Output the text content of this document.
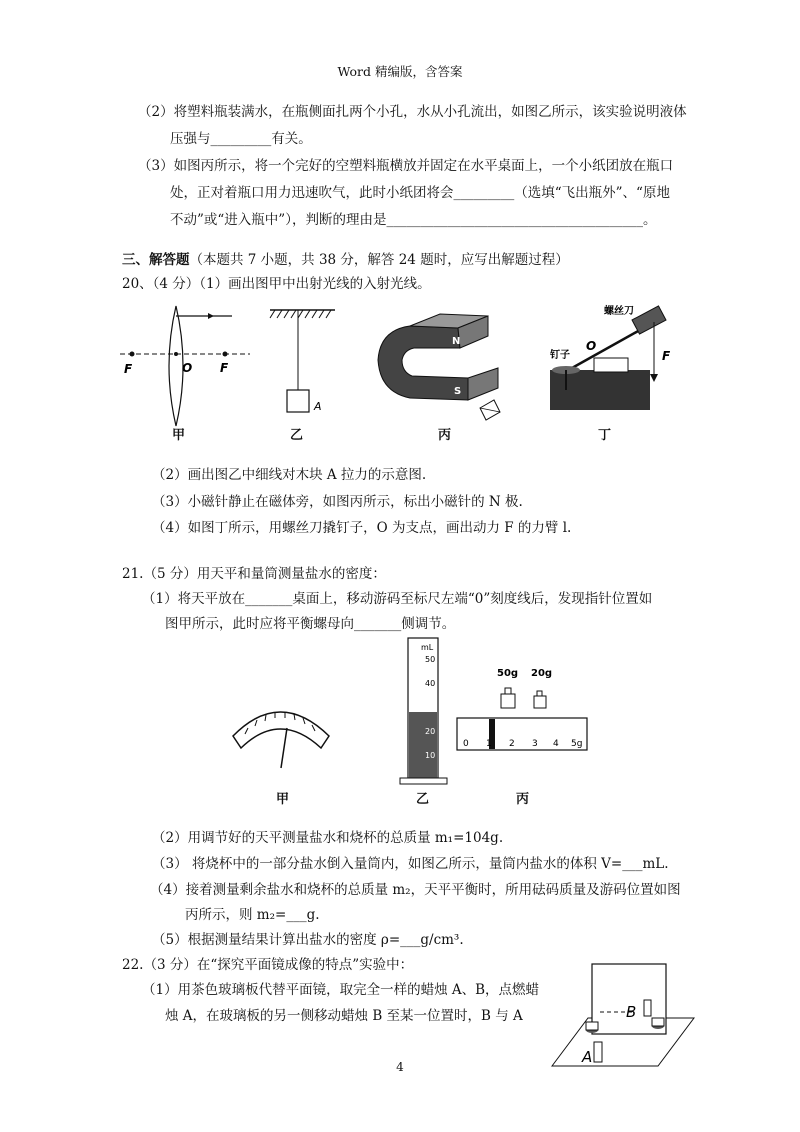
Word 精编版，含答案
（2）将塑料瓶装满水，在瓶侧面扎两个小孔，水从小孔流出，如图乙所示，该实验说明液体
压强与_________有关。
（3）如图丙所示，将一个完好的空塑料瓶横放并固定在水平桌面上，一个小纸团放在瓶口
处，正对着瓶口用力迅速吹气，此时小纸团将会_________（选填“飞出瓶外”、“原地
不动”或“进入瓶中”），判断的理由是______________________________________。
三、解答题（本题共 7 小题，共 38 分，解答 24 题时，应写出解题过程）
20、（4 分）（1）画出图甲中出射光线的入射光线。
F	O F
A
N
S
螺丝刀
钉子
O
F
甲	乙	丙	丁
（2）画出图乙中细线对木块 A 拉力的示意图.
（3）小磁针静止在磁体旁，如图丙所示，标出小磁针的 N 极.
（4）如图丁所示，用螺丝刀撬钉子，O 为支点，画出动力 F 的力臂 l.
21.（5 分）用天平和量筒测量盐水的密度：
（1）将天平放在_______桌面上，移动游码至标尺左端“0”刻度线后，发现指针位置如
图甲所示，此时应将平衡螺母向_______侧调节。
mL
50
40
30
20
10
50g 20g
0 1 2 3 4 5g
甲	乙	丙
（2）用调节好的天平测量盐水和烧杯的总质量 m₁=104g.
（3） 将烧杯中的一部分盐水倒入量筒内，如图乙所示，量筒内盐水的体积 V=___mL.
（4）接着测量剩余盐水和烧杯的总质量 m₂，天平平衡时，所用砝码质量及游码位置如图
丙所示，则 m₂=___g.
（5）根据测量结果计算出盐水的密度 ρ=___g/cm³.
22.（3 分）在“探究平面镜成像的特点”实验中：
（1）用茶色玻璃板代替平面镜，取完全一样的蜡烛 A、B，点燃蜡
烛 A，在玻璃板的另一侧移动蜡烛 B 至某一位置时，B 与 A	B
A
4
